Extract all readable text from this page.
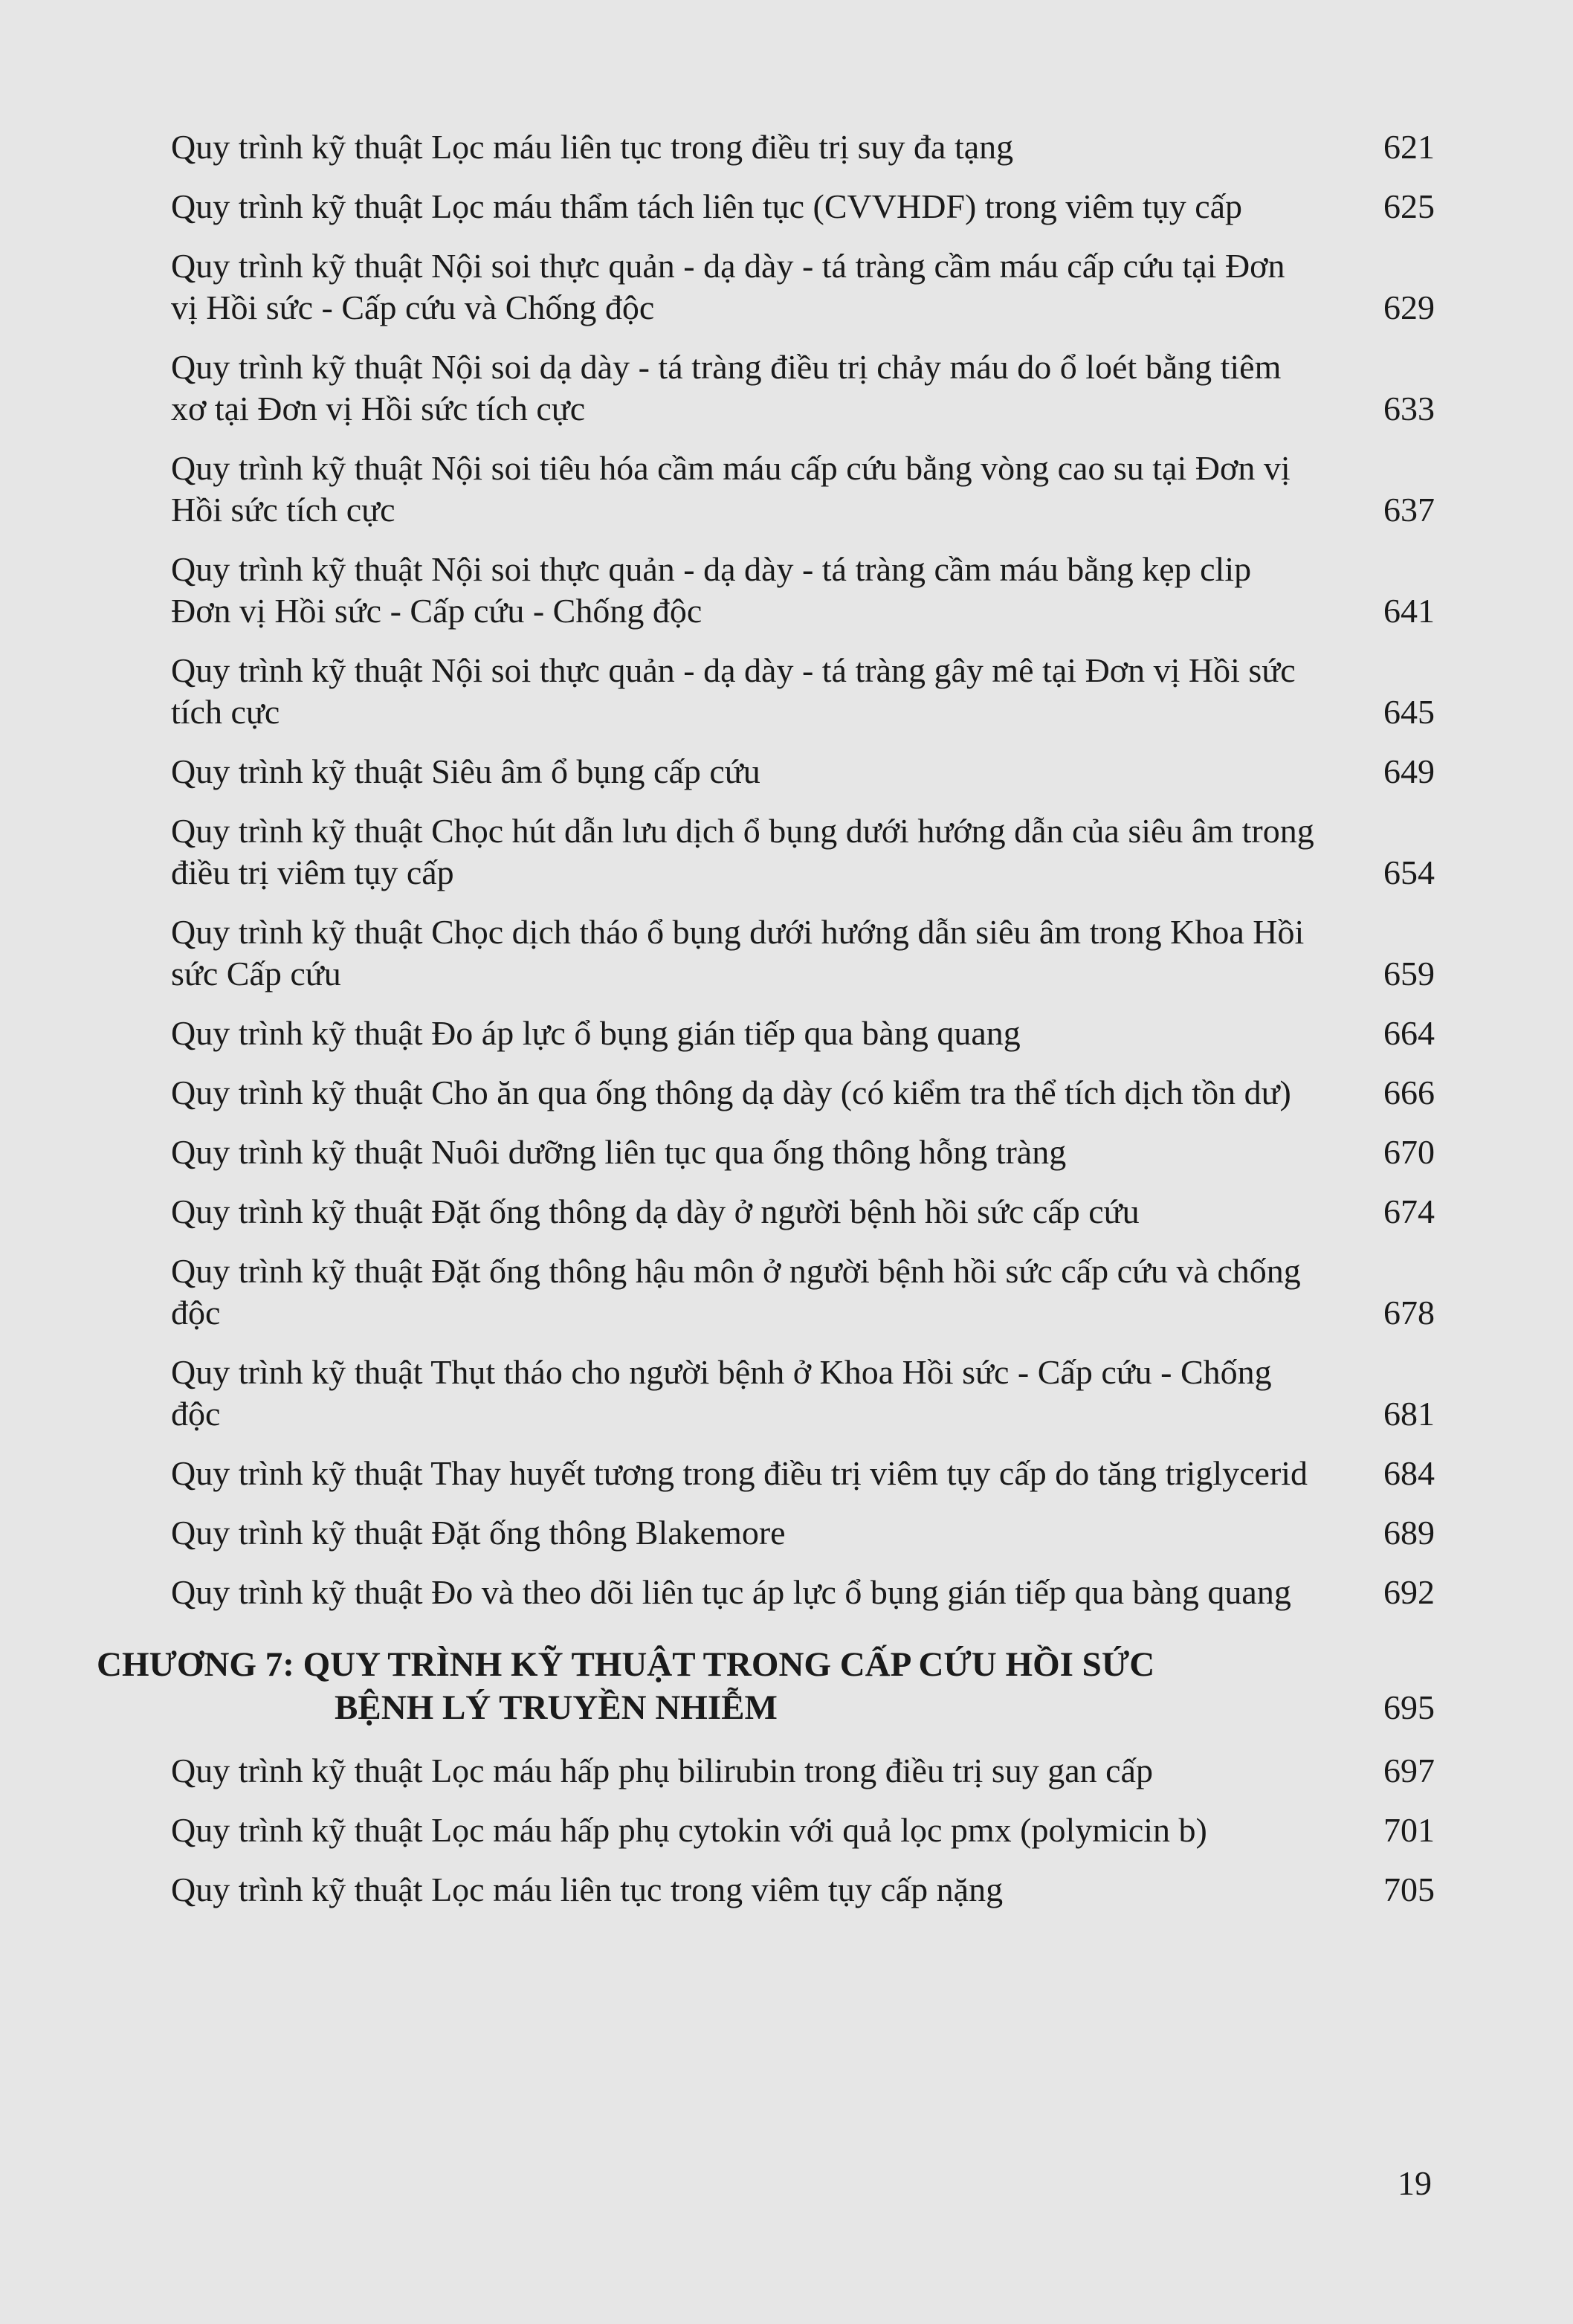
Quy trình kỹ thuật Lọc máu liên tục trong điều trị suy đa tạng	621
Quy trình kỹ thuật Lọc máu thẩm tách liên tục (CVVHDF) trong viêm tụy cấp	625
Quy trình kỹ thuật Nội soi thực quản - dạ dày - tá tràng cầm máu cấp cứu tại Đơn vị Hồi sức - Cấp cứu và Chống độc	629
Quy trình kỹ thuật Nội soi dạ dày - tá tràng điều trị chảy máu do ổ loét bằng tiêm xơ tại Đơn vị Hồi sức tích cực	633
Quy trình kỹ thuật Nội soi tiêu hóa cầm máu cấp cứu bằng vòng cao su tại Đơn vị Hồi sức tích cực	637
Quy trình kỹ thuật Nội soi thực quản - dạ dày - tá tràng cầm máu bằng kẹp clip Đơn vị Hồi sức - Cấp cứu - Chống độc	641
Quy trình kỹ thuật Nội soi thực quản - dạ dày - tá tràng gây mê tại Đơn vị Hồi sức tích cực	645
Quy trình kỹ thuật Siêu âm ổ bụng cấp cứu	649
Quy trình kỹ thuật Chọc hút dẫn lưu dịch ổ bụng dưới hướng dẫn của siêu âm trong điều trị viêm tụy cấp	654
Quy trình kỹ thuật Chọc dịch tháo ổ bụng dưới hướng dẫn siêu âm trong Khoa Hồi sức Cấp cứu	659
Quy trình kỹ thuật Đo áp lực ổ bụng gián tiếp qua bàng quang	664
Quy trình kỹ thuật Cho ăn qua ống thông dạ dày (có kiểm tra thể tích dịch tồn dư)	666
Quy trình kỹ thuật Nuôi dưỡng liên tục qua ống thông hỗng tràng	670
Quy trình kỹ thuật Đặt ống thông dạ dày ở người bệnh hồi sức cấp cứu	674
Quy trình kỹ thuật Đặt ống thông hậu môn ở người bệnh hồi sức cấp cứu và chống độc	678
Quy trình kỹ thuật Thụt tháo cho người bệnh ở Khoa Hồi sức - Cấp cứu - Chống độc	681
Quy trình kỹ thuật Thay huyết tương trong điều trị viêm tụy cấp do tăng triglycerid	684
Quy trình kỹ thuật Đặt ống thông Blakemore	689
Quy trình kỹ thuật Đo và theo dõi liên tục áp lực ổ bụng gián tiếp qua bàng quang	692
CHƯƠNG 7: QUY TRÌNH KỸ THUẬT TRONG CẤP CỨU HỒI SỨC
BỆNH LÝ TRUYỀN NHIỄM	695
Quy trình kỹ thuật Lọc máu hấp phụ bilirubin trong điều trị suy gan cấp	697
Quy trình kỹ thuật Lọc máu hấp phụ cytokin với quả lọc pmx (polymicin b)	701
Quy trình kỹ thuật Lọc máu liên tục trong viêm tụy cấp nặng	705
19
